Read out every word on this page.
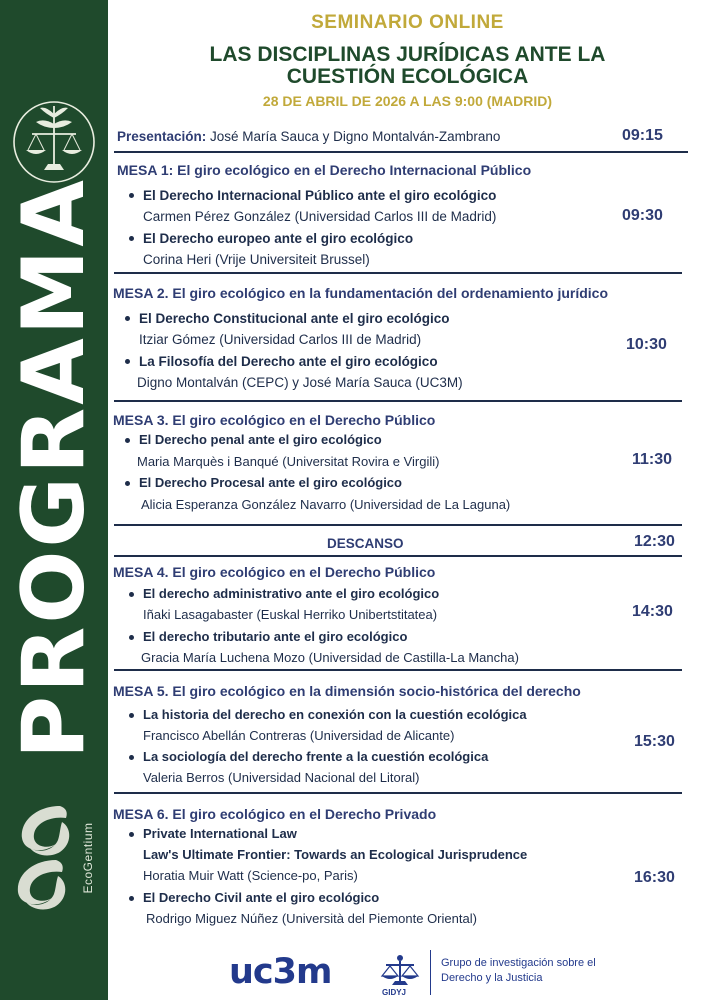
PROGRAMA
EcoGentium
SEMINARIO ONLINE
LAS DISCIPLINAS JURÍDICAS ANTE LA
CUESTIÓN ECOLÓGICA
28 DE ABRIL DE 2026 A LAS 9:00 (MADRID)
Presentación: José María Sauca y Digno Montalván-Zambrano	09:15
MESA 1: El giro ecológico en el Derecho Internacional Público
El Derecho Internacional Público ante el giro ecológico
Carmen Pérez González (Universidad Carlos III de Madrid)
El Derecho europeo ante el giro ecológico
Corina Heri (Vrije Universiteit Brussel)
09:30
MESA 2. El giro ecológico en la fundamentación del ordenamiento jurídico
El Derecho Constitucional ante el giro ecológico
Itziar Gómez (Universidad Carlos III de Madrid)
La Filosofía del Derecho ante el giro ecológico
Digno Montalván (CEPC) y José María Sauca (UC3M)
10:30
MESA 3. El giro ecológico en el Derecho Público
El Derecho penal ante el giro ecológico
Maria Marquès i Banqué (Universitat Rovira e Virgili)
El Derecho Procesal ante el giro ecológico
Alicia Esperanza González Navarro (Universidad de La Laguna)
11:30
DESCANSO	12:30
MESA 4. El giro ecológico en el Derecho Público
El derecho administrativo ante el giro ecológico
Iñaki Lasagabaster (Euskal Herriko Unibertstitatea)
El derecho tributario ante el giro ecológico
Gracia María Luchena Mozo (Universidad de Castilla-La Mancha)
14:30
MESA 5. El giro ecológico en la dimensión socio-histórica del derecho
La historia del derecho en conexión con la cuestión ecológica
Francisco Abellán Contreras (Universidad de Alicante)
La sociología del derecho frente a la cuestión ecológica
Valeria Berros (Universidad Nacional del Litoral)
15:30
MESA 6. El giro ecológico en el Derecho Privado
Private International Law
Law's Ultimate Frontier: Towards an Ecological Jurisprudence
Horatia Muir Watt (Science-po, Paris)
El Derecho Civil ante el giro ecológico
Rodrigo Miguez Núñez (Università del Piemonte Oriental)
16:30
uc3m
GIDYJ
Grupo de investigación sobre el
Derecho y la Justicia
